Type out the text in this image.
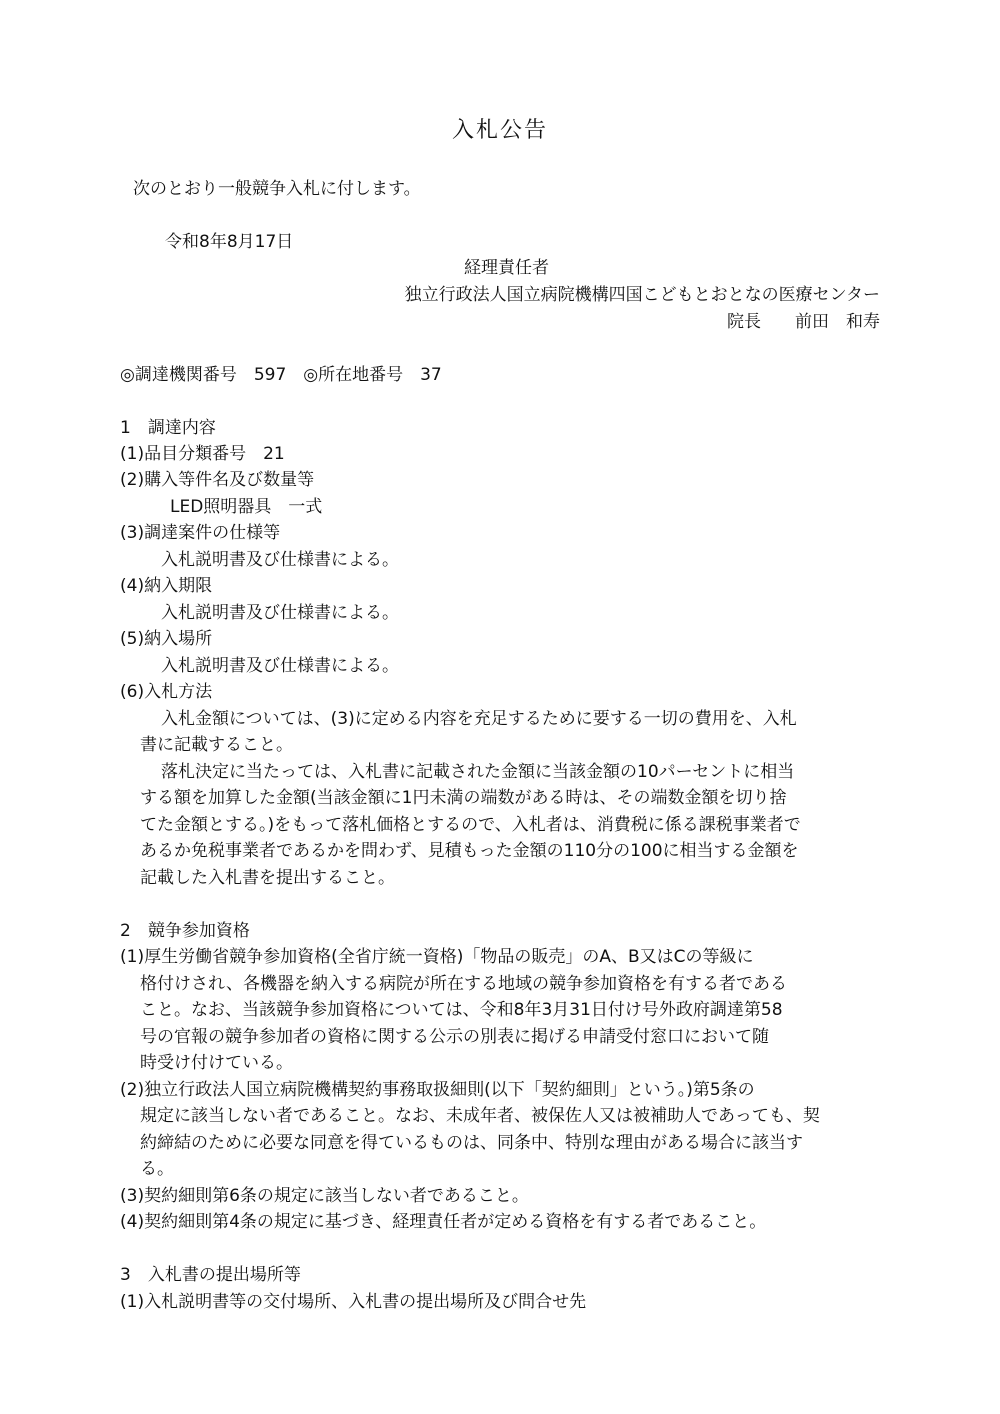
入札公告
次のとおり一般競争入札に付します。
令和8年8月17日
経理責任者
独立行政法人国立病院機構四国こどもとおとなの医療センター
院長　　前田　和寿
◎調達機関番号　597　◎所在地番号　37
1　調達内容
(1)品目分類番号　21
(2)購入等件名及び数量等
LED照明器具　一式
(3)調達案件の仕様等
入札説明書及び仕様書による。
(4)納入期限
入札説明書及び仕様書による。
(5)納入場所
入札説明書及び仕様書による。
(6)入札方法
入札金額については、(3)に定める内容を充足するために要する一切の費用を、入札
書に記載すること。
落札決定に当たっては、入札書に記載された金額に当該金額の10パーセントに相当
する額を加算した金額(当該金額に1円未満の端数がある時は、その端数金額を切り捨
てた金額とする。)をもって落札価格とするので、入札者は、消費税に係る課税事業者で
あるか免税事業者であるかを問わず、見積もった金額の110分の100に相当する金額を
記載した入札書を提出すること。
2　競争参加資格
(1)厚生労働省競争参加資格(全省庁統一資格)「物品の販売」のA、B又はCの等級に
格付けされ、各機器を納入する病院が所在する地域の競争参加資格を有する者である
こと。なお、当該競争参加資格については、令和8年3月31日付け号外政府調達第58
号の官報の競争参加者の資格に関する公示の別表に掲げる申請受付窓口において随
時受け付けている。
(2)独立行政法人国立病院機構契約事務取扱細則(以下「契約細則」という。)第5条の
規定に該当しない者であること。なお、未成年者、被保佐人又は被補助人であっても、契
約締結のために必要な同意を得ているものは、同条中、特別な理由がある場合に該当す
る。
(3)契約細則第6条の規定に該当しない者であること。
(4)契約細則第4条の規定に基づき、経理責任者が定める資格を有する者であること。
3　入札書の提出場所等
(1)入札説明書等の交付場所、入札書の提出場所及び問合せ先
